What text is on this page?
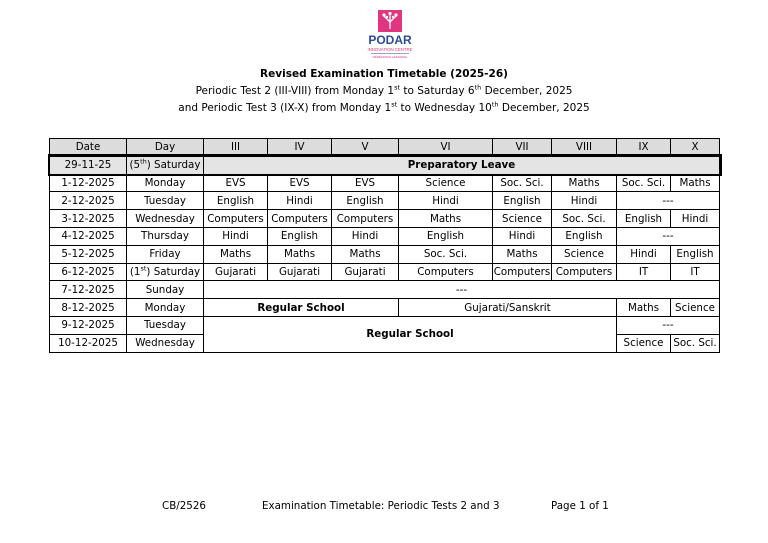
PODAR
INNOVATION CENTRE
REDEFINING LEARNING
Revised Examination Timetable (2025-26)
Periodic Test 2 (III-VIII) from Monday 1st to Saturday 6th December, 2025
and Periodic Test 3 (IX-X) from Monday 1st to Wednesday 10th December, 2025
Date	Day	III	IV	V	VI	VII	VIII	IX	X
29-11-25	(5th) Saturday	Preparatory Leave							
1-12-2025	Monday	EVS	EVS	EVS	Science	Soc. Sci.	Maths	Soc. Sci.	Maths
2-12-2025	Tuesday	English	Hindi	English	Hindi	English	Hindi	---	
3-12-2025	Wednesday	Computers	Computers	Computers	Maths	Science	Soc. Sci.	English	Hindi
4-12-2025	Thursday	Hindi	English	Hindi	English	Hindi	English	---	
5-12-2025	Friday	Maths	Maths	Maths	Soc. Sci.	Maths	Science	Hindi	English
6-12-2025	(1st) Saturday	Gujarati	Gujarati	Gujarati	Computers	Computers	Computers	IT	IT
7-12-2025	Sunday	---							
8-12-2025	Monday	Regular School			Gujarati/Sanskrit			Maths	Science
9-12-2025	Tuesday	Regular School						---	
10-12-2025	Wednesday							Science	Soc. Sci.
CB/2526	Examination Timetable: Periodic Tests 2 and 3	Page 1 of 1
